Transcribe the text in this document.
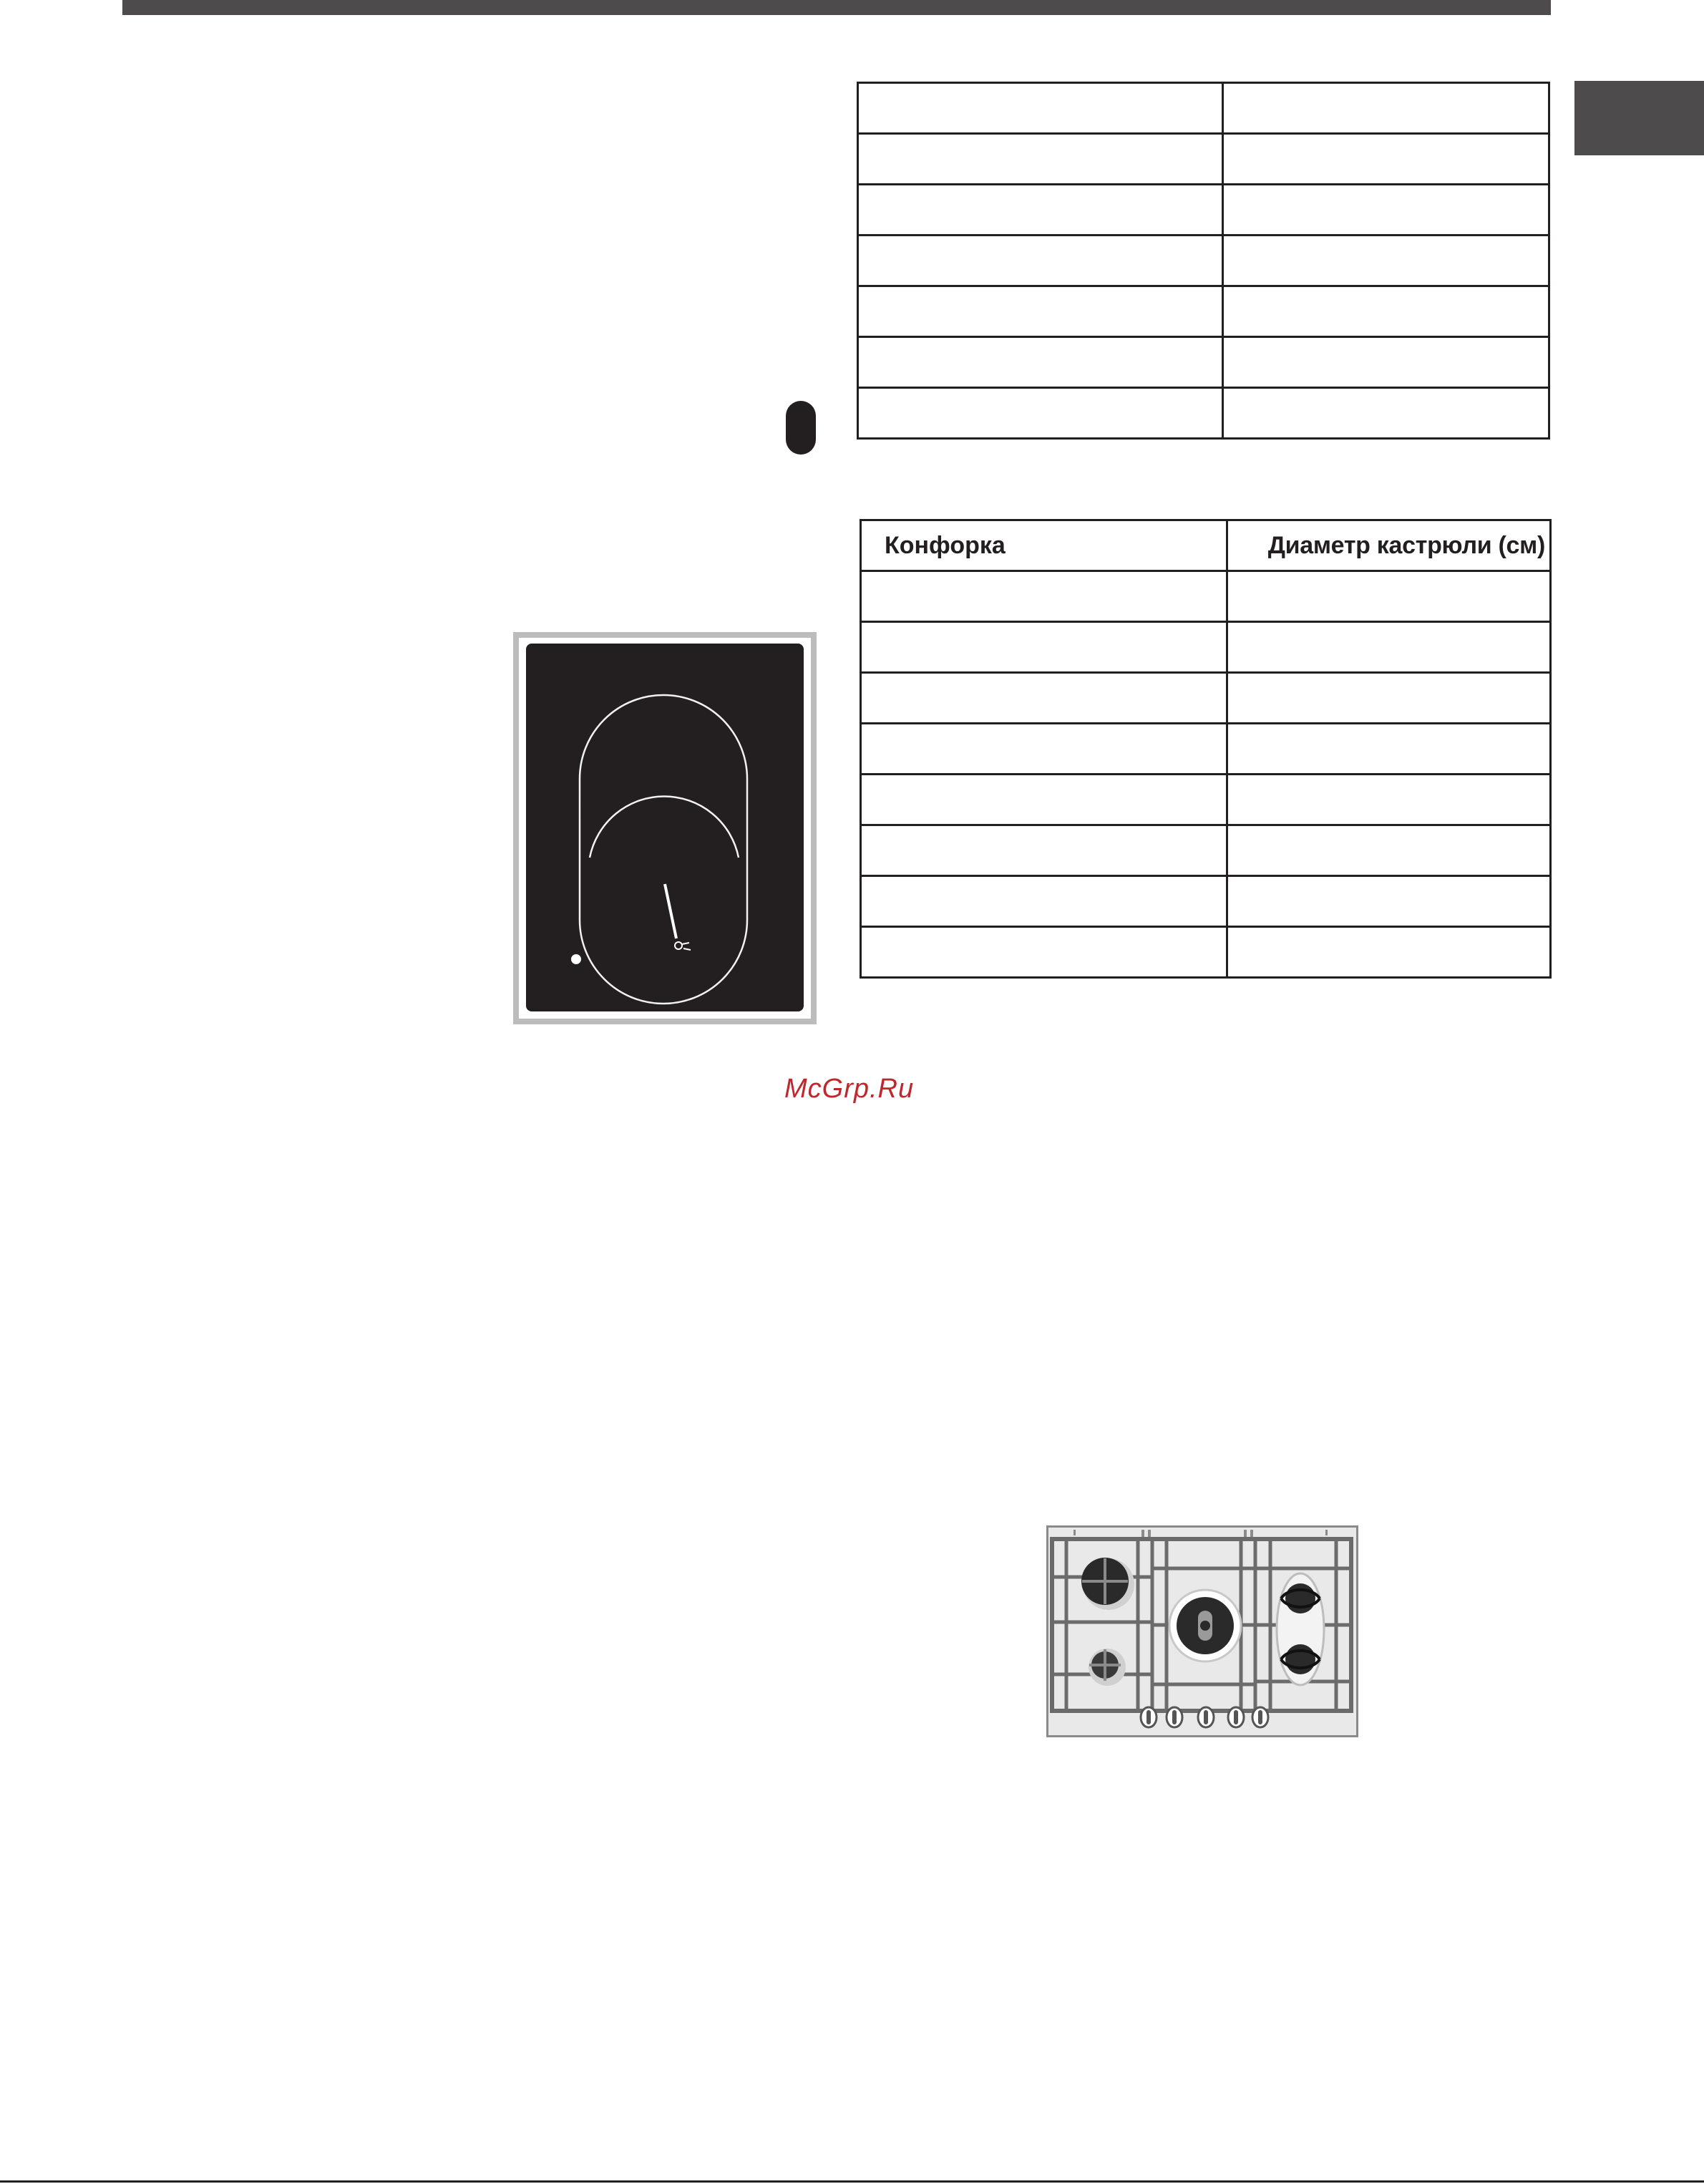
Конфорка	Диаметр кастрюли (см)

McGrp.Ru
